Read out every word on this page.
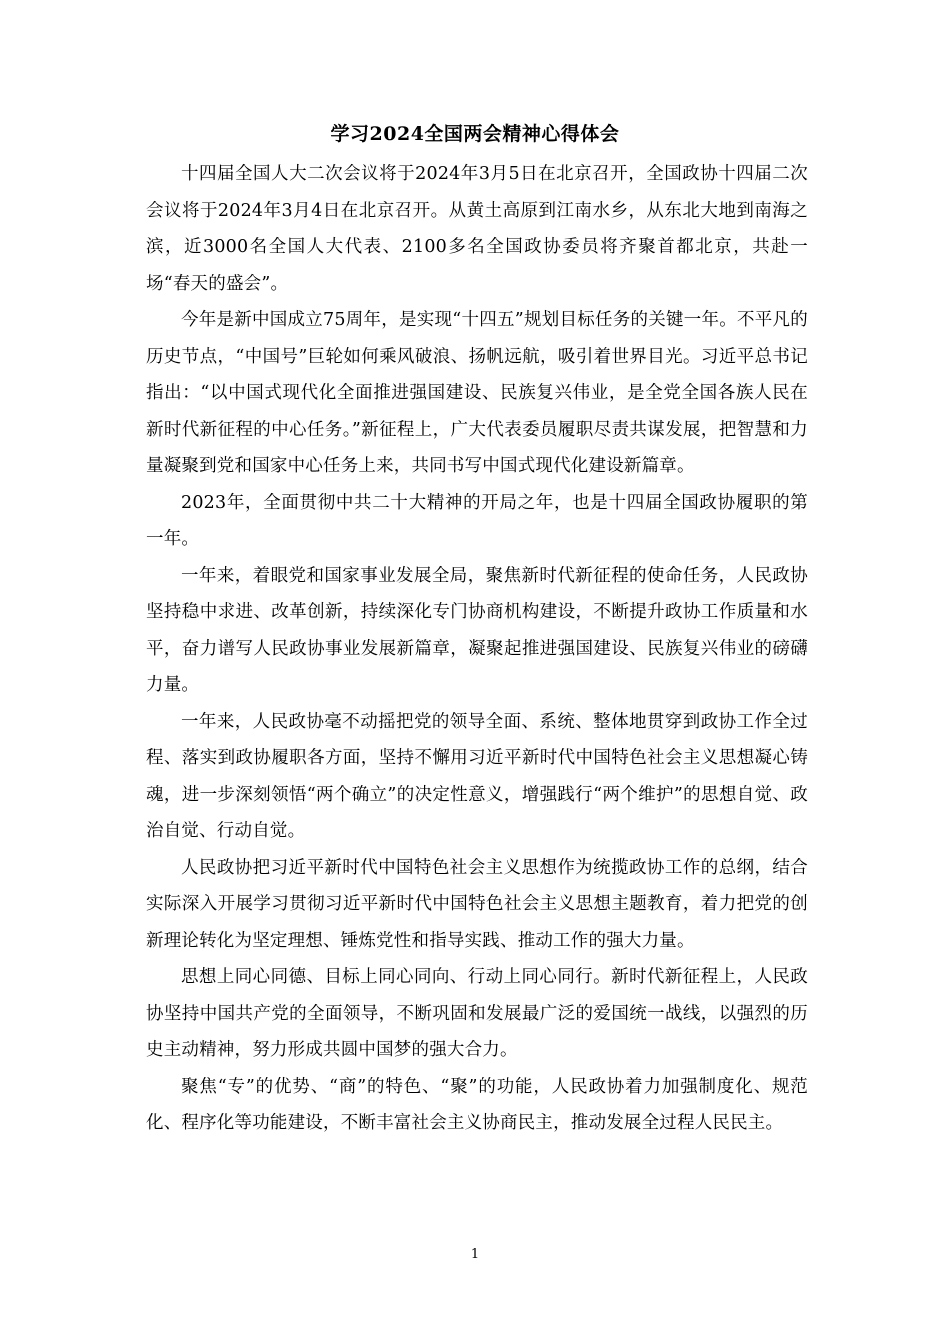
学习2024全国两会精神心得体会

十四届全国人大二次会议将于2024年3月5日在北京召开，全国政协十四届二次会议将于2024年3月4日在北京召开。从黄土高原到江南水乡，从东北大地到南海之滨，近3000名全国人大代表、2100多名全国政协委员将齐聚首都北京，共赴一场“春天的盛会”。

今年是新中国成立75周年，是实现“十四五”规划目标任务的关键一年。不平凡的历史节点，“中国号”巨轮如何乘风破浪、扬帆远航，吸引着世界目光。习近平总书记指出：“以中国式现代化全面推进强国建设、民族复兴伟业，是全党全国各族人民在新时代新征程的中心任务。”新征程上，广大代表委员履职尽责共谋发展，把智慧和力量凝聚到党和国家中心任务上来，共同书写中国式现代化建设新篇章。

2023年，全面贯彻中共二十大精神的开局之年，也是十四届全国政协履职的第一年。

一年来，着眼党和国家事业发展全局，聚焦新时代新征程的使命任务，人民政协坚持稳中求进、改革创新，持续深化专门协商机构建设，不断提升政协工作质量和水平，奋力谱写人民政协事业发展新篇章，凝聚起推进强国建设、民族复兴伟业的磅礴力量。

一年来，人民政协毫不动摇把党的领导全面、系统、整体地贯穿到政协工作全过程、落实到政协履职各方面，坚持不懈用习近平新时代中国特色社会主义思想凝心铸魂，进一步深刻领悟“两个确立”的决定性意义，增强践行“两个维护”的思想自觉、政治自觉、行动自觉。

人民政协把习近平新时代中国特色社会主义思想作为统揽政协工作的总纲，结合实际深入开展学习贯彻习近平新时代中国特色社会主义思想主题教育，着力把党的创新理论转化为坚定理想、锤炼党性和指导实践、推动工作的强大力量。

思想上同心同德、目标上同心同向、行动上同心同行。新时代新征程上，人民政协坚持中国共产党的全面领导，不断巩固和发展最广泛的爱国统一战线，以强烈的历史主动精神，努力形成共圆中国梦的强大合力。

聚焦“专”的优势、“商”的特色、“聚”的功能，人民政协着力加强制度化、规范化、程序化等功能建设，不断丰富社会主义协商民主，推动发展全过程人民民主。

1
